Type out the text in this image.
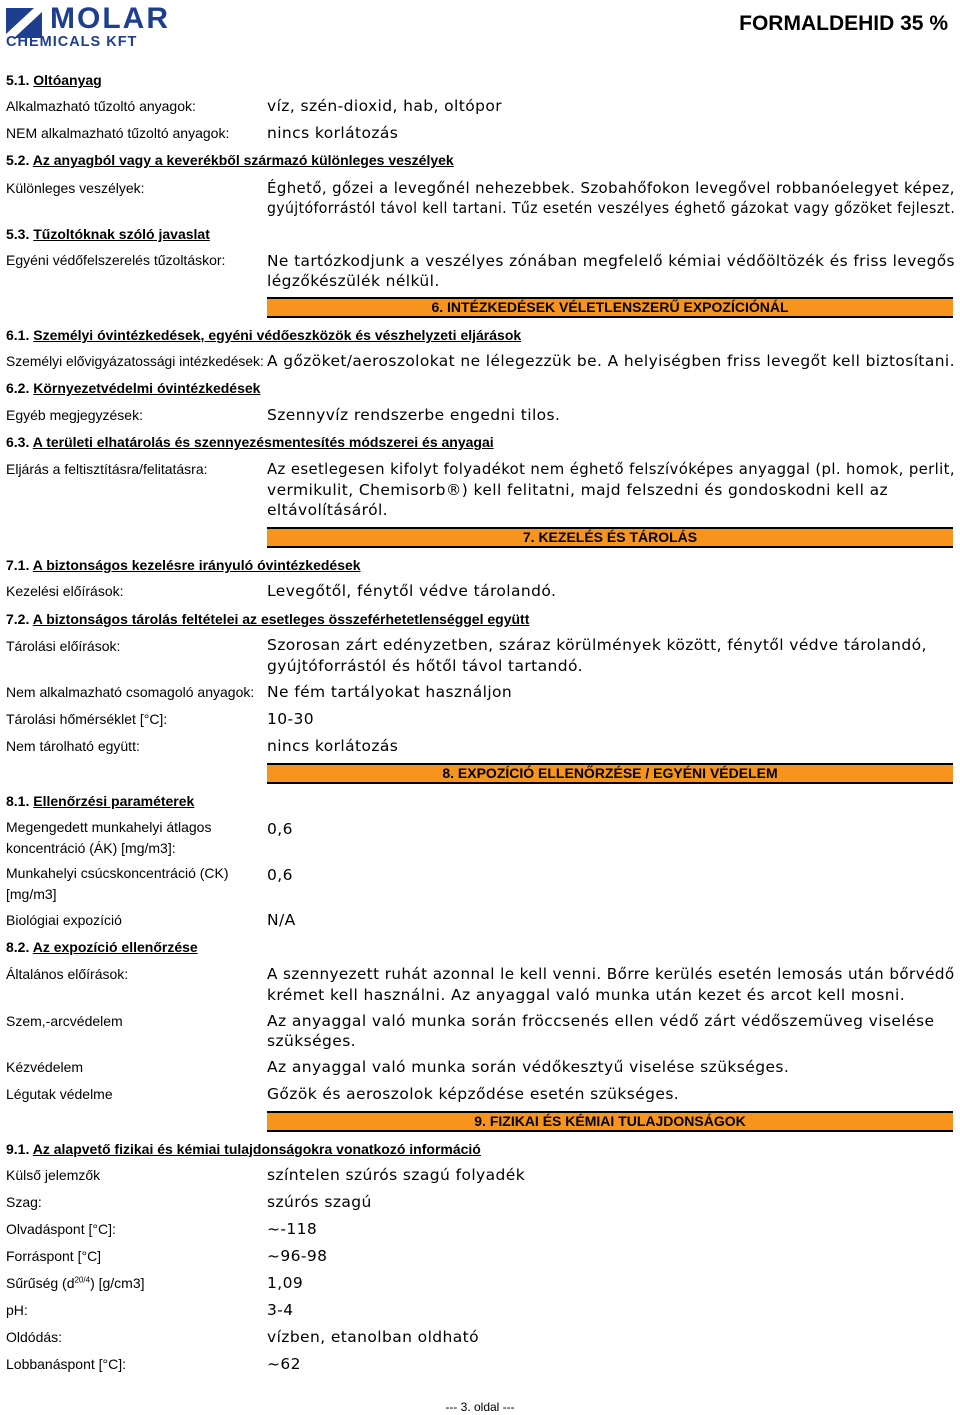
MOLAR
CHEMICALS KFT
FORMALDEHID 35 %
5.1. Oltóanyag
Alkalmazható tűzoltó anyagok:	víz, szén-dioxid, hab, oltópor
NEM alkalmazható tűzoltó anyagok: nincs korlátozás
5.2. Az anyagból vagy a keverékből származó különleges veszélyek
Különleges veszélyek:	Éghető, gőzei a levegőnél nehezebbek. Szobahőfokon levegővel robbanóelegyet képez,
gyújtóforrástól távol kell tartani. Tűz esetén veszélyes éghető gázokat vagy gőzöket fejleszt.
5.3. Tűzoltóknak szóló javaslat
Egyéni védőfelszerelés tűzoltáskor:	Ne tartózkodjunk a veszélyes zónában megfelelő kémiai védőöltözék és friss levegős
légzőkészülék nélkül.
6. INTÉZKEDÉSEK VÉLETLENSZERŰ EXPOZÍCIÓNÁL
6.1. Személyi óvintézkedések, egyéni védőeszközök és vészhelyzeti eljárások
Személyi elővigyázatossági intézkedések: A gőzöket/aeroszolokat ne lélegezzük be. A helyiségben friss levegőt kell biztosítani.
6.2. Környezetvédelmi óvintézkedések
Egyéb megjegyzések:	Szennyvíz rendszerbe engedni tilos.
6.3. A területi elhatárolás és szennyezésmentesítés módszerei és anyagai
Eljárás a feltisztításra/felitatásra:	Az esetlegesen kifolyt folyadékot nem éghető felszívóképes anyaggal (pl. homok, perlit,
vermikulit, Chemisorb®) kell felitatni, majd felszedni és gondoskodni kell az
eltávolításáról.
7. KEZELÉS ÉS TÁROLÁS
7.1. A biztonságos kezelésre irányuló óvintézkedések
Kezelési előírások:	Levegőtől, fénytől védve tárolandó.
7.2. A biztonságos tárolás feltételei az esetleges összeférhetetlenséggel együtt
Tárolási előírások:	Szorosan zárt edényzetben, száraz körülmények között, fénytől védve tárolandó,
gyújtóforrástól és hőtől távol tartandó.
Nem alkalmazható csomagoló anyagok: Ne fém tartályokat használjon
Tárolási hőmérséklet [°C]:	10-30
Nem tárolható együtt:	nincs korlátozás
8. EXPOZÍCIÓ ELLENŐRZÉSE / EGYÉNI VÉDELEM
8.1. Ellenőrzési paraméterek
Megengedett munkahelyi átlagos
koncentráció (ÁK) [mg/m3]:
0,6
Munkahelyi csúcskoncentráció (CK)
[mg/m3]
0,6
Biológiai expozíció	N/A
8.2. Az expozíció ellenőrzése
Általános előírások:	A szennyezett ruhát azonnal le kell venni. Bőrre kerülés esetén lemosás után bőrvédő
krémet kell használni. Az anyaggal való munka után kezet és arcot kell mosni.
Szem,-arcvédelem	Az anyaggal való munka során fröccsenés ellen védő zárt védőszemüveg viselése
szükséges.
Kézvédelem	Az anyaggal való munka során védőkesztyű viselése szükséges.
Légutak védelme	Gőzök és aeroszolok képződése esetén szükséges.
9. FIZIKAI ÉS KÉMIAI TULAJDONSÁGOK
9.1. Az alapvető fizikai és kémiai tulajdonságokra vonatkozó információ
Külső jelemzők	színtelen szúrós szagú folyadék
Szag:	szúrós szagú
Olvadáspont [°C]:	~-118
Forráspont [°C]	~96-98
Sűrűség $(d^{20/4})$ [g/cm3]	1,09
pH:	3-4
Oldódás:	vízben, etanolban oldható
Lobbanáspont [°C]:	~62
--- 3. oldal ---
